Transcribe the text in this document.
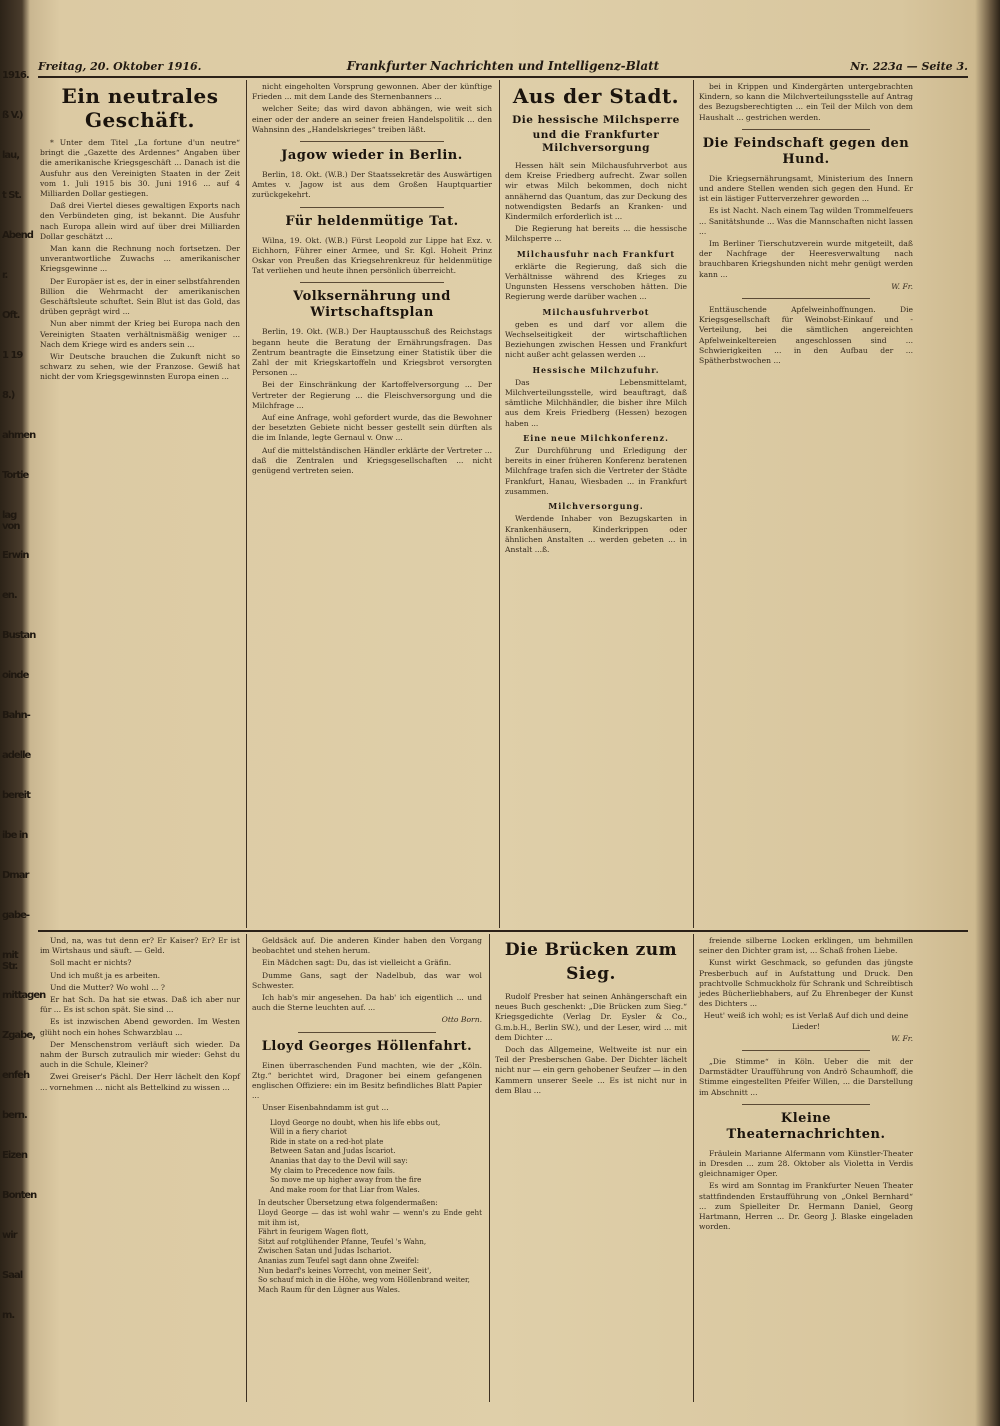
1916.
ß V.)
lau,
t St.
Abend
r.
Oft.
1 19
8.)
ahmen
Tortie
lag von
Erwin
en.
Bustan
oinde
Bahn-
adelle
bereit
ibe in
Dmar
gabe-
mit Str.
mittagen
Zgabe,
enfeh
bern.
Eizen
Bonten
wir
Saal
m.
Freitag, 20. Oktober 1916.	Frankfurter Nachrichten und Intelligenz-Blatt	Nr. 223a — Seite 3.
Ein neutrales Geschäft.

* Unter dem Titel „La fortune d'un neutre“ bringt die „Gazette des Ardennes“ Angaben über die amerikanische Kriegsgeschäft ... Danach ist die Ausfuhr aus den Vereinigten Staaten in der Zeit vom 1. Juli 1915 bis 30. Juni 1916 ... auf 4 Milliarden Dollar gestiegen.

Daß drei Viertel dieses gewaltigen Exports nach den Verbündeten ging, ist bekannt. Die Ausfuhr nach Europa allein wird auf über drei Milliarden Dollar geschätzt ...

Man kann die Rechnung noch fortsetzen. Der unverantwortliche Zuwachs ... amerikanischer Kriegsgewinne ...

Der Europäer ist es, der in einer selbstfahrenden Billion die Wehrmacht der amerikanischen Geschäftsleute schuftet. Sein Blut ist das Gold, das drüben geprägt wird ...

Nun aber nimmt der Krieg bei Europa nach den Vereinigten Staaten verhältnismäßig weniger ... Nach dem Kriege wird es anders sein ...

Wir Deutsche brauchen die Zukunft nicht so schwarz zu sehen, wie der Franzose. Gewiß hat nicht der vom Kriegsgewinnsten Europa einen ...

nicht eingeholten Vorsprung gewonnen. Aber der künftige Frieden ... mit dem Lande des Sternenbanners ...

welcher Seite; das wird davon abhängen, wie weit sich einer oder der andere an seiner freien Handelspolitik ... den Wahnsinn des „Handelskrieges“ treiben läßt.

Jagow wieder in Berlin.

Berlin, 18. Okt. (W.B.) Der Staatssekretär des Auswärtigen Amtes v. Jagow ist aus dem Großen Hauptquartier zurückgekehrt.

Für heldenmütige Tat.

Wilna, 19. Okt. (W.B.) Fürst Leopold zur Lippe hat Exz. v. Eichhorn, Führer einer Armee, und Sr. Kgl. Hoheit Prinz Oskar von Preußen das Kriegsehrenkreuz für heldenmütige Tat verliehen und heute ihnen persönlich überreicht.

Volksernährung und Wirtschaftsplan

Berlin, 19. Okt. (W.B.) Der Hauptausschuß des Reichstags begann heute die Beratung der Ernährungsfragen. Das Zentrum beantragte die Einsetzung einer Statistik über die Zahl der mit Kriegskartoffeln und Kriegsbrot versorgten Personen ...

Bei der Einschränkung der Kartoffelversorgung ... Der Vertreter der Regierung ... die Fleischversorgung und die Milchfrage ...

Auf eine Anfrage, wohl gefordert wurde, das die Bewohner der besetzten Gebiete nicht besser gestellt sein dürften als die im Inlande, legte Gernaul v. Onw ...

Auf die mittelständischen Händler erklärte der Vertreter ... daß die Zentralen und Kriegsgesellschaften ... nicht genügend vertreten seien.

Aus der Stadt.
Die hessische Milchsperre
und die Frankfurter Milchversorgung

Hessen hält sein Milchausfuhrverbot aus dem Kreise Friedberg aufrecht. Zwar sollen wir etwas Milch bekommen, doch nicht annähernd das Quantum, das zur Deckung des notwendigsten Bedarfs an Kranken- und Kindermilch erforderlich ist ...

Die Regierung hat bereits ... die hessische Milchsperre ...

Milchausfuhr nach Frankfurt

erklärte die Regierung, daß sich die Verhältnisse während des Krieges zu Ungunsten Hessens verschoben hätten. Die Regierung werde darüber wachen ...

Milchausfuhrverbot

geben es und darf vor allem die Wechselseitigkeit der wirtschaftlichen Beziehungen zwischen Hessen und Frankfurt nicht außer acht gelassen werden ...

Hessische Milchzufuhr.

Das Lebensmittelamt, Milchverteilungsstelle, wird beauftragt, daß sämtliche Milchhändler, die bisher ihre Milch aus dem Kreis Friedberg (Hessen) bezogen haben ...

Eine neue Milchkonferenz.

Zur Durchführung und Erledigung der bereits in einer früheren Konferenz beratenen Milchfrage trafen sich die Vertreter der Städte Frankfurt, Hanau, Wiesbaden ... in Frankfurt zusammen.

Milchversorgung.

Werdende Inhaber von Bezugskarten in Krankenhäusern, Kinderkrippen oder ähnlichen Anstalten ... werden gebeten ... in Anstalt ...ß.

bei in Krippen und Kindergärten untergebrachten Kindern, so kann die Milchverteilungsstelle auf Antrag des Bezugsberechtigten ... ein Teil der Milch von dem Haushalt ... gestrichen werden.

Die Feindschaft gegen den Hund.

Die Kriegsernährungsamt, Ministerium des Innern und andere Stellen wenden sich gegen den Hund. Er ist ein lästiger Futterverzehrer geworden ...

Es ist Nacht. Nach einem Tag wilden Trommelfeuers ... Sanitätshunde ... Was die Mannschaften nicht lassen ...

Im Berliner Tierschutzverein wurde mitgeteilt, daß der Nachfrage der Heeresverwaltung nach brauchbaren Kriegshunden nicht mehr genügt werden kann ...

W. Fr.

Enttäuschende Apfelweinhoffnungen. Die Kriegsgesellschaft für Weinobst-Einkauf und -Verteilung, bei die sämtlichen angereichten Apfelweinkeltereien angeschlossen sind ... Schwierigkeiten ... in den Aufbau der ... Spätherbstwochen ...

Und, na, was tut denn er? Er Kaiser? Er? Er ist im Wirtshaus und säuft. — Geld.

Soll macht er nichts?

Und ich mußt ja es arbeiten.

Und die Mutter? Wo wohl ... ?

Er hat Sch. Da hat sie etwas. Daß ich aber nur für ... Es ist schon spät. Sie sind ...

Es ist inzwischen Abend geworden. Im Westen glüht noch ein hohes Schwarzblau ...

Der Menschenstrom verläuft sich wieder. Da nahm der Bursch zutraulich mir wieder: Gehst du auch in die Schule, Kleiner?

Zwei Greiser's Pächl. Der Herr lächelt den Kopf ... vornehmen ... nicht als Bettelkind zu wissen ...

Geldsäck auf. Die anderen Kinder haben den Vorgang beobachtet und stehen herum.

Ein Mädchen sagt: Du, das ist vielleicht a Gräfin.

Dumme Gans, sagt der Nadelbub, das war wol Schwester.

Ich hab's mir angesehen. Da hab' ich eigentlich ... und auch die Sterne leuchten auf. ...

Otto Born.
Lloyd Georges Höllenfahrt.

Einen überraschenden Fund machten, wie der „Köln. Ztg.“ berichtet wird, Dragoner bei einem gefangenen englischen Offiziere: ein im Besitz befindliches Blatt Papier ...

Unser Eisenbahndamm ist gut ...

Lloyd George no doubt, when his life ebbs out,
Will in a fiery chariot
Ride in state on a red-hot plate
Between Satan and Judas Iscariot.
Ananias that day to the Devil will say:
My claim to Precedence now fails.
So move me up higher away from the fire
And make room for that Liar from Wales.
In deutscher Übersetzung etwa folgendermaßen:
Lloyd George — das ist wohl wahr — wenn's zu Ende geht mit ihm ist,
Fährt in feurigem Wagen flott,
Sitzt auf rotglühender Pfanne, Teufel 's Wahn,
Zwischen Satan und Judas Ischariot.
Ananias zum Teufel sagt dann ohne Zweifel:
Nun bedarf's keines Vorrecht, von meiner Seit',
So schauf mich in die Höhe, weg vom Höllenbrand weiter,
Mach Raum für den Lügner aus Wales.
Die Brücken zum Sieg.

Rudolf Presber hat seinen Anhängerschaft ein neues Buch geschenkt: „Die Brücken zum Sieg.“ Kriegsgedichte (Verlag Dr. Eysler & Co., G.m.b.H., Berlin SW.), und der Leser, wird ... mit dem Dichter ...

Doch das Allgemeine, Weltweite ist nur ein Teil der Presberschen Gabe. Der Dichter lächelt nicht nur — ein gern gehobener Seufzer — in den Kammern unserer Seele ... Es ist nicht nur in dem Blau ...

freiende silberne Locken erklingen, um behmillen seiner den Dichter gram ist, ... Schaß frohen Liebe.

Kunst wirkt Geschmack, so gefunden das jüngste Presberbuch auf in Aufstattung und Druck. Den prachtvolle Schmuckholz für Schrank und Schreibtisch jedes Bücherliebhabers, auf Zu Ehrenbeger der Kunst des Dichters ...

Heut' weiß ich wohl; es ist Verlaß Auf dich und deine Lieder!

W. Fr.

„Die Stimme“ in Köln. Ueber die mit der Darmstädter Uraufführung von Andrö Schaumhoff, die Stimme eingestellten Pfeifer Willen, ... die Darstellung im Abschnitt ...

Kleine Theaternachrichten.

Fräulein Marianne Alfermann vom Künstler-Theater in Dresden ... zum 28. Oktober als Violetta in Verdis gleichnamiger Oper.

Es wird am Sonntag im Frankfurter Neuen Theater stattfindenden Erstaufführung von „Onkel Bernhard“ ... zum Spielleiter Dr. Hermann Daniel, Georg Hartmann, Herren ... Dr. Georg J. Blaske eingeladen worden.
